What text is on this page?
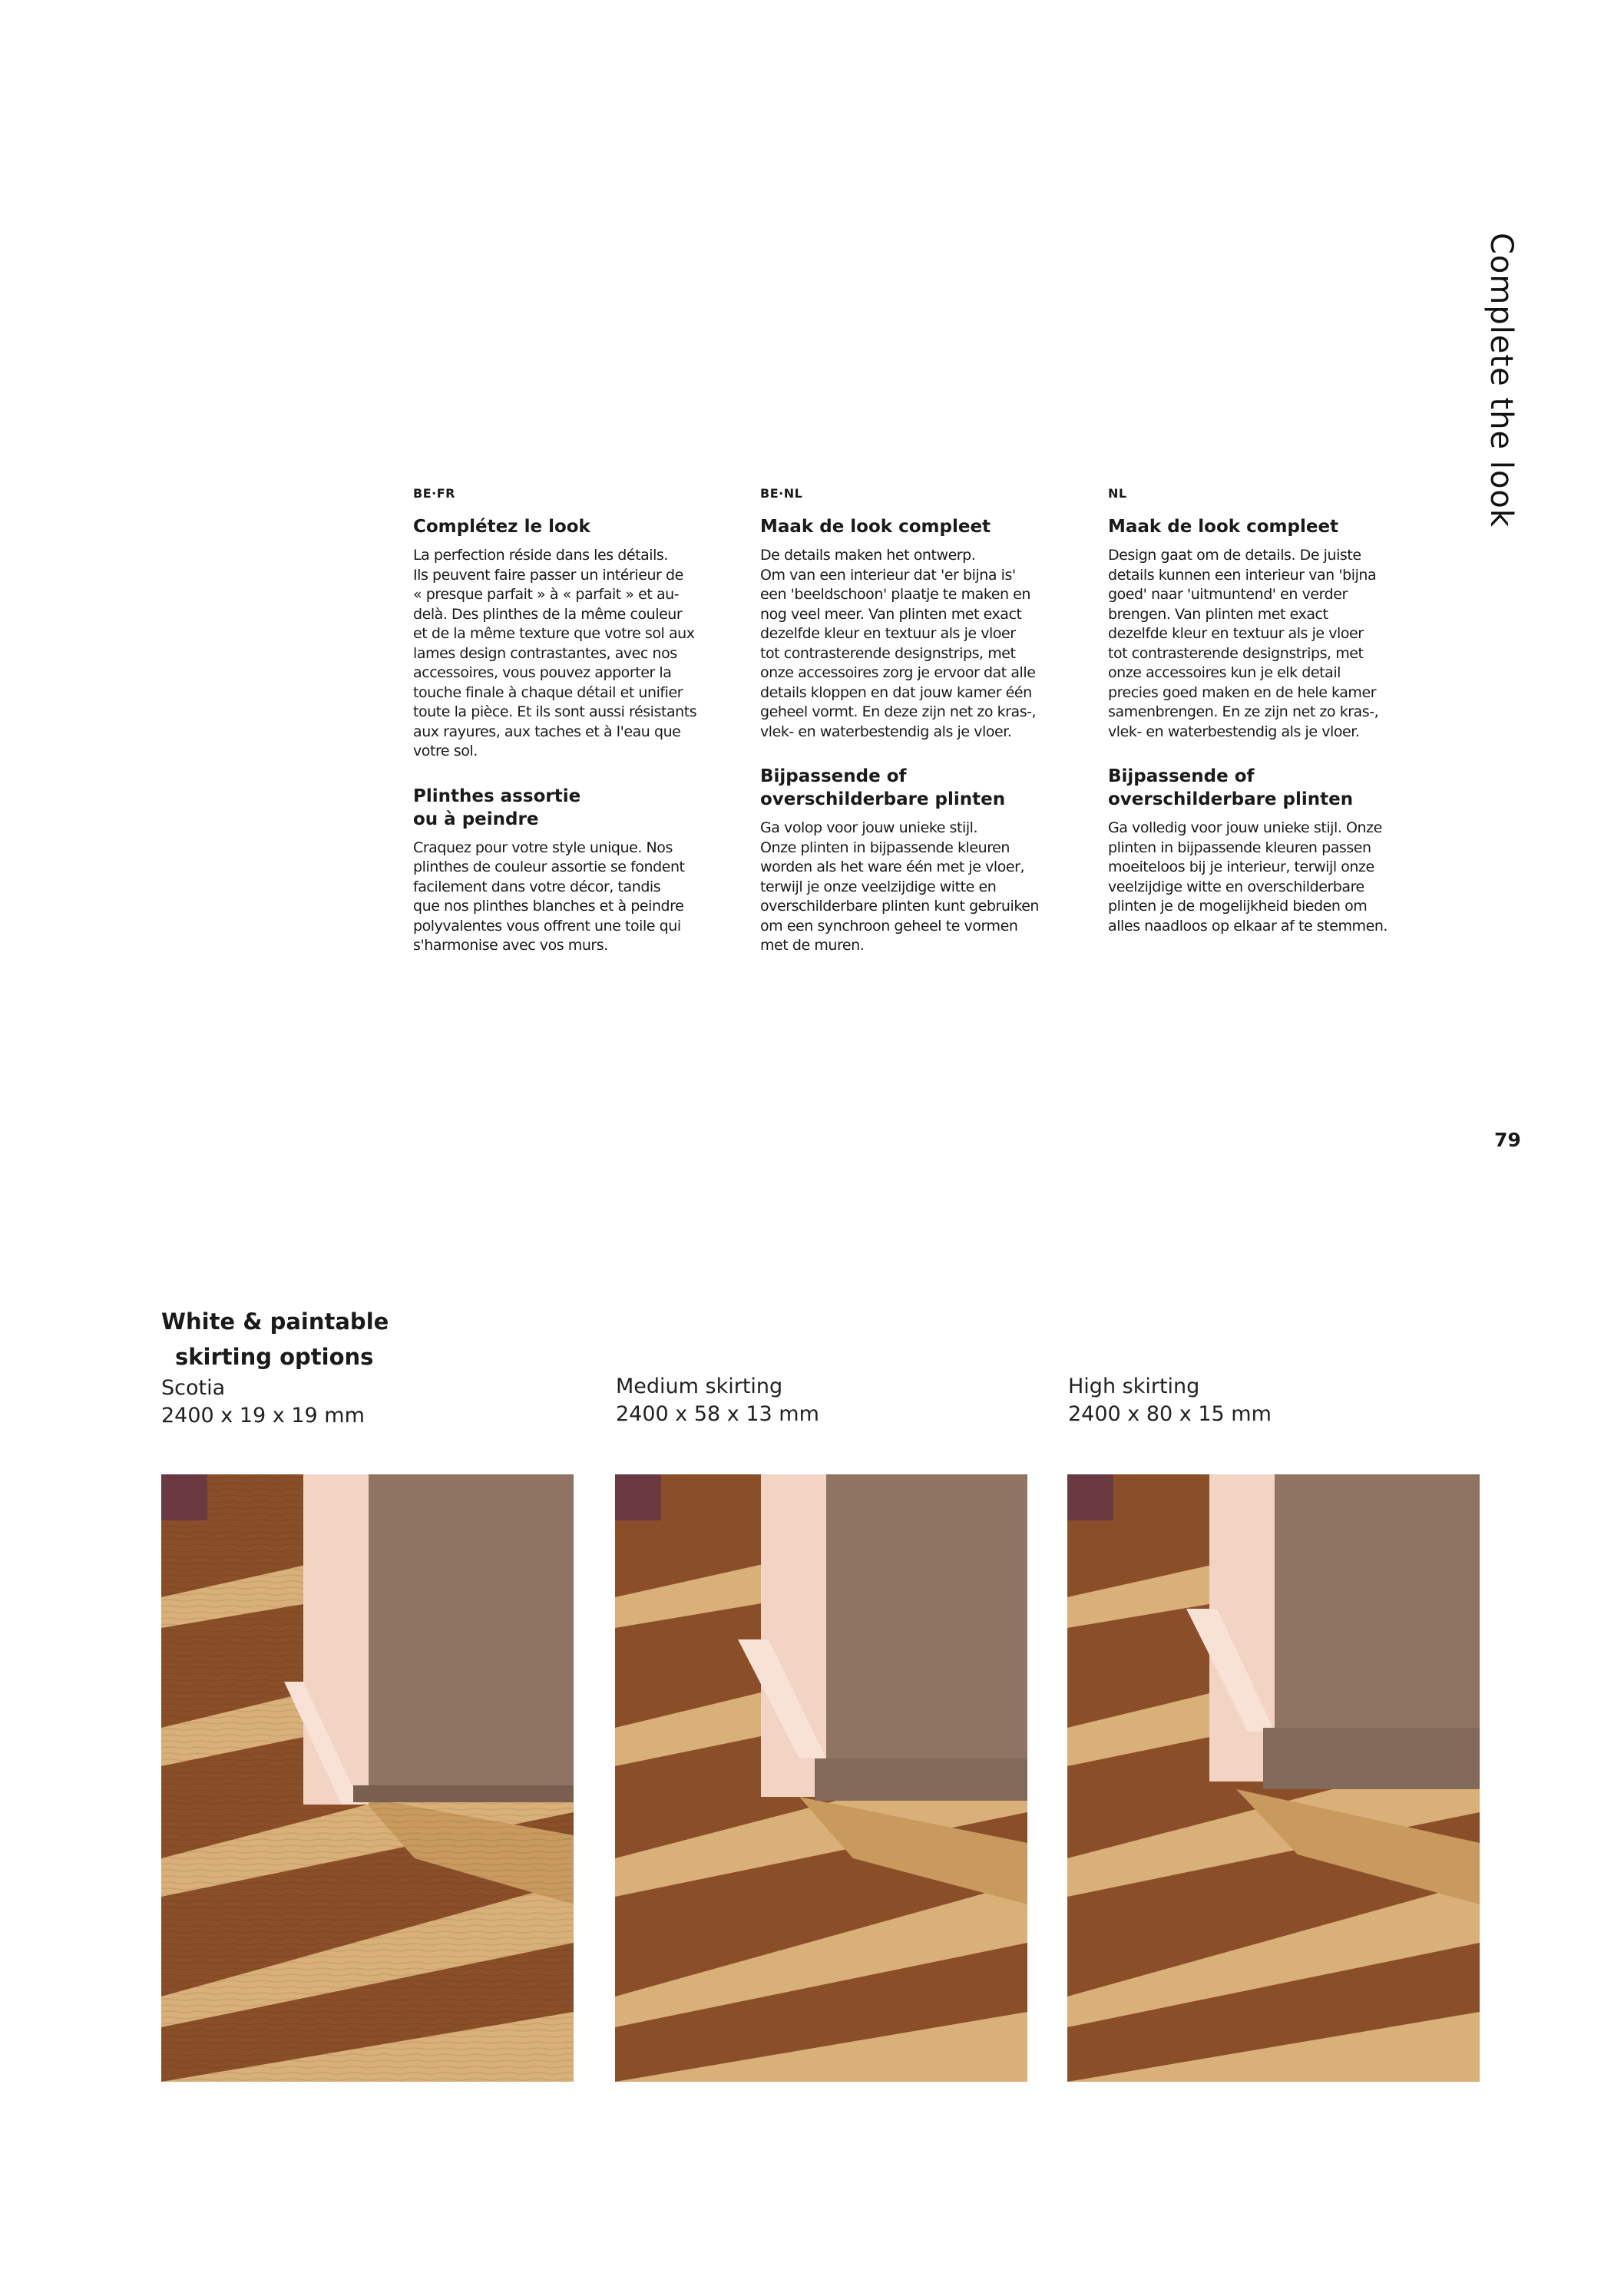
Complete the look
BE·FR
Complétez le look

La perfection réside dans les détails.

Ils peuvent faire passer un intérieur de

« presque parfait » à « parfait » et au-

delà. Des plinthes de la même couleur

et de la même texture que votre sol aux

lames design contrastantes, avec nos

accessoires, vous pouvez apporter la

touche finale à chaque détail et unifier

toute la pièce. Et ils sont aussi résistants

aux rayures, aux taches et à l'eau que

votre sol.

Plinthes assortie
ou à peindre

Craquez pour votre style unique. Nos

plinthes de couleur assortie se fondent

facilement dans votre décor, tandis

que nos plinthes blanches et à peindre

polyvalentes vous offrent une toile qui

s'harmonise avec vos murs.

BE·NL
Maak de look compleet

De details maken het ontwerp.

Om van een interieur dat 'er bijna is'

een 'beeldschoon' plaatje te maken en

nog veel meer. Van plinten met exact

dezelfde kleur en textuur als je vloer

tot contrasterende designstrips, met

onze accessoires zorg je ervoor dat alle

details kloppen en dat jouw kamer één

geheel vormt. En deze zijn net zo kras-,

vlek- en waterbestendig als je vloer.

Bijpassende of
overschilderbare plinten

Ga volop voor jouw unieke stijl.

Onze plinten in bijpassende kleuren

worden als het ware één met je vloer,

terwijl je onze veelzijdige witte en

overschilderbare plinten kunt gebruiken

om een synchroon geheel te vormen

met de muren.

NL
Maak de look compleet

Design gaat om de details. De juiste

details kunnen een interieur van 'bijna

goed' naar 'uitmuntend' en verder

brengen. Van plinten met exact

dezelfde kleur en textuur als je vloer

tot contrasterende designstrips, met

onze accessoires kun je elk detail

precies goed maken en de hele kamer

samenbrengen. En ze zijn net zo kras-,

vlek- en waterbestendig als je vloer.

Bijpassende of
overschilderbare plinten

Ga volledig voor jouw unieke stijl. Onze

plinten in bijpassende kleuren passen

moeiteloos bij je interieur, terwijl onze

veelzijdige witte en overschilderbare

plinten je de mogelijkheid bieden om

alles naadloos op elkaar af te stemmen.

79
White & paintable
skirting options
Scotia
2400 x 19 x 19 mm
Medium skirting
2400 x 58 x 13 mm
High skirting
2400 x 80 x 15 mm
